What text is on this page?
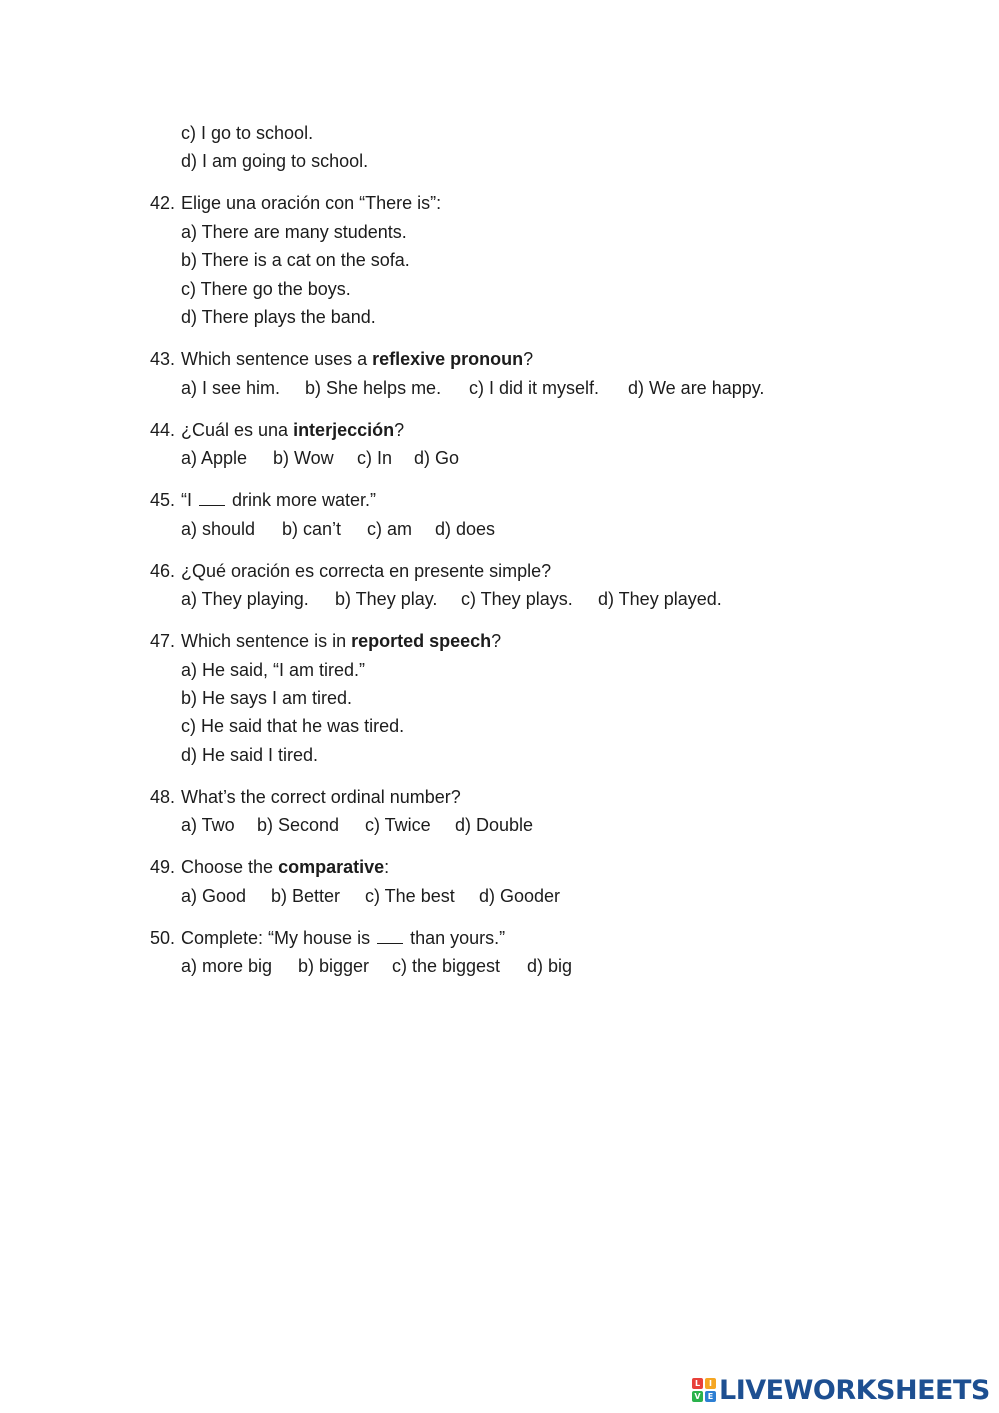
c) I go to school.
d) I am going to school.
42. Elige una oración con “There is”:
a) There are many students.
b) There is a cat on the sofa.
c) There go the boys.
d) There plays the band.
43. Which sentence uses a reflexive pronoun?
a) I see him. b) She helps me. c) I did it myself. d) We are happy.
44. ¿Cuál es una interjección?
a) Apple b) Wow c) In d) Go
45. “I  drink more water.”
a) should b) can’t c) am d) does
46. ¿Qué oración es correcta en presente simple?
a) They playing. b) They play. c) They plays. d) They played.
47. Which sentence is in reported speech?
a) He said, “I am tired.”
b) He says I am tired.
c) He said that he was tired.
d) He said I tired.
48. What’s the correct ordinal number?
a) Two b) Second c) Twice d) Double
49. Choose the comparative:
a) Good b) Better c) The best d) Gooder
50. Complete: “My house is  than yours.”
a) more big b) bigger c) the biggest d) big
L	I
V E LIVEWORKSHEETS
